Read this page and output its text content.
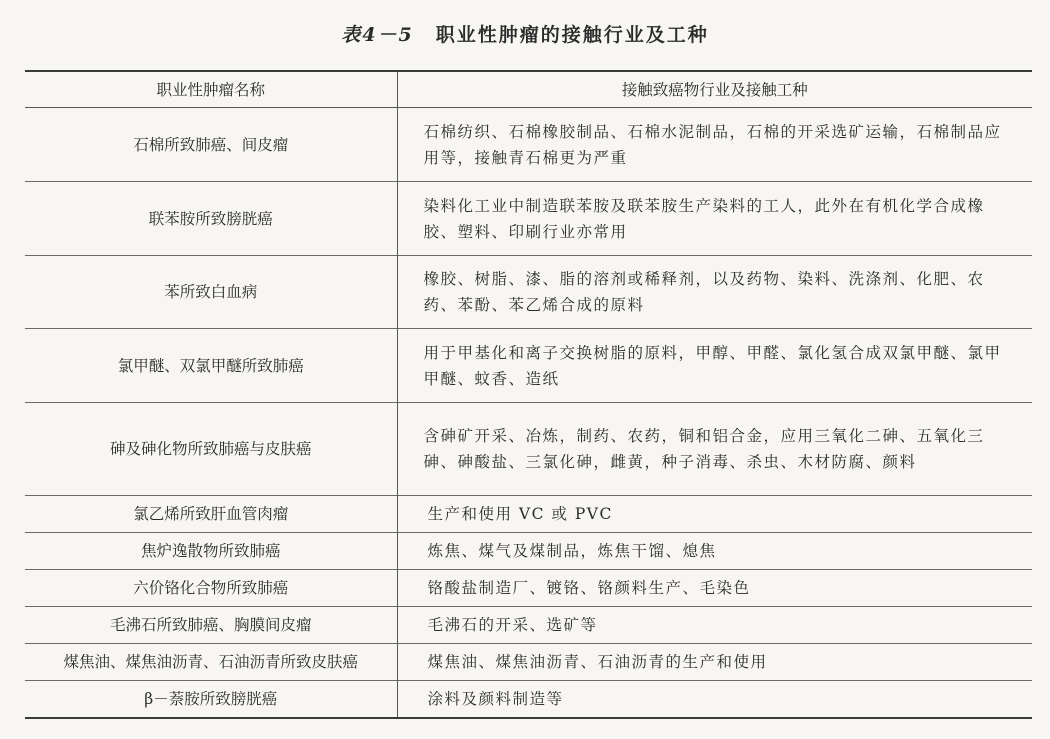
表4－5 职业性肿瘤的接触行业及工种
职业性肿瘤名称	接触致癌物行业及接触工种
石棉所致肺癌、间皮瘤	石棉纺织、石棉橡胶制品、石棉水泥制品，石棉的开采选矿运输，石棉制品应用等，接触青石棉更为严重
联苯胺所致膀胱癌	染料化工业中制造联苯胺及联苯胺生产染料的工人，此外在有机化学合成橡胶、塑料、印刷行业亦常用
苯所致白血病	橡胶、树脂、漆、脂的溶剂或稀释剂，以及药物、染料、洗涤剂、化肥、农药、苯酚、苯乙烯合成的原料
氯甲醚、双氯甲醚所致肺癌	用于甲基化和离子交换树脂的原料，甲醇、甲醛、氯化氢合成双氯甲醚、氯甲甲醚、蚊香、造纸
砷及砷化物所致肺癌与皮肤癌	含砷矿开采、冶炼，制药、农药，铜和铝合金，应用三氧化二砷、五氧化三砷、砷酸盐、三氯化砷，雌黄，种子消毒、杀虫、木材防腐、颜料
氯乙烯所致肝血管肉瘤	生产和使用 VC 或 PVC
焦炉逸散物所致肺癌	炼焦、煤气及煤制品，炼焦干馏、熄焦
六价铬化合物所致肺癌	铬酸盐制造厂、镀铬、铬颜料生产、毛染色
毛沸石所致肺癌、胸膜间皮瘤	毛沸石的开采、选矿等
煤焦油、煤焦油沥青、石油沥青所致皮肤癌	煤焦油、煤焦油沥青、石油沥青的生产和使用
β－萘胺所致膀胱癌	涂料及颜料制造等
